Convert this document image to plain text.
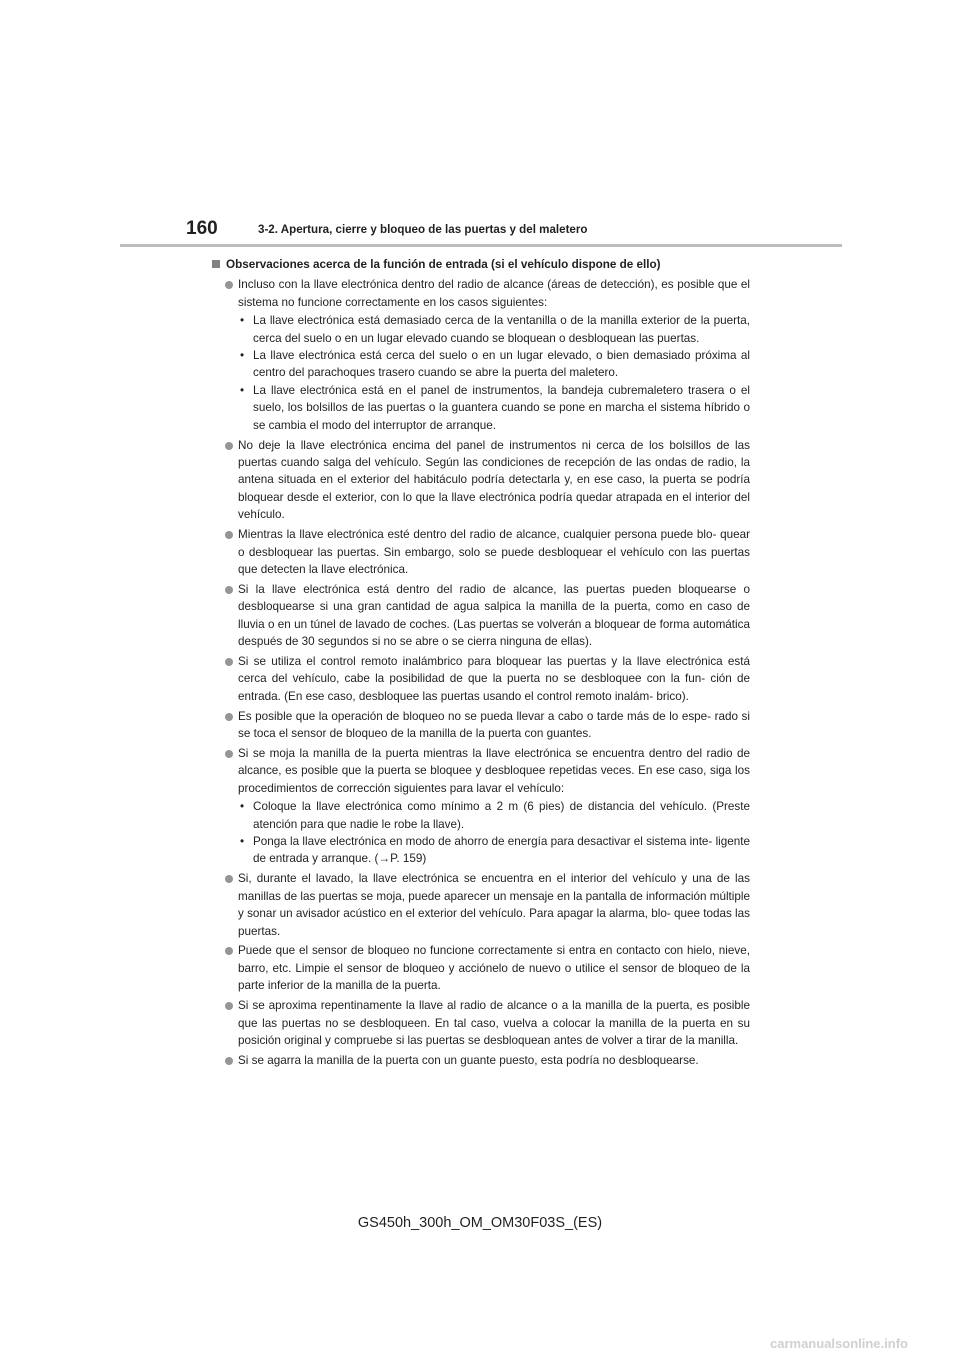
160	3-2. Apertura, cierre y bloqueo de las puertas y del maletero
Observaciones acerca de la función de entrada (si el vehículo dispone de ello)
Incluso con la llave electrónica dentro del radio de alcance (áreas de detección), es posible que el sistema no funcione correctamente en los casos siguientes:
• La llave electrónica está demasiado cerca de la ventanilla o de la manilla exterior de la puerta, cerca del suelo o en un lugar elevado cuando se bloquean o desbloquean las puertas.
• La llave electrónica está cerca del suelo o en un lugar elevado, o bien demasiado próxima al centro del parachoques trasero cuando se abre la puerta del maletero.
• La llave electrónica está en el panel de instrumentos, la bandeja cubremaletero trasera o el suelo, los bolsillos de las puertas o la guantera cuando se pone en marcha el sistema híbrido o se cambia el modo del interruptor de arranque.
No deje la llave electrónica encima del panel de instrumentos ni cerca de los bolsillos de las puertas cuando salga del vehículo. Según las condiciones de recepción de las ondas de radio, la antena situada en el exterior del habitáculo podría detectarla y, en ese caso, la puerta se podría bloquear desde el exterior, con lo que la llave electrónica podría quedar atrapada en el interior del vehículo.
Mientras la llave electrónica esté dentro del radio de alcance, cualquier persona puede blo- quear o desbloquear las puertas. Sin embargo, solo se puede desbloquear el vehículo con las puertas que detecten la llave electrónica.
Si la llave electrónica está dentro del radio de alcance, las puertas pueden bloquearse o desbloquearse si una gran cantidad de agua salpica la manilla de la puerta, como en caso de lluvia o en un túnel de lavado de coches. (Las puertas se volverán a bloquear de forma automática después de 30 segundos si no se abre o se cierra ninguna de ellas).
Si se utiliza el control remoto inalámbrico para bloquear las puertas y la llave electrónica está cerca del vehículo, cabe la posibilidad de que la puerta no se desbloquee con la fun- ción de entrada. (En ese caso, desbloquee las puertas usando el control remoto inalám- brico).
Es posible que la operación de bloqueo no se pueda llevar a cabo o tarde más de lo espe- rado si se toca el sensor de bloqueo de la manilla de la puerta con guantes.
Si se moja la manilla de la puerta mientras la llave electrónica se encuentra dentro del radio de alcance, es posible que la puerta se bloquee y desbloquee repetidas veces. En ese caso, siga los procedimientos de corrección siguientes para lavar el vehículo:
• Coloque la llave electrónica como mínimo a 2 m (6 pies) de distancia del vehículo. (Preste atención para que nadie le robe la llave).
• Ponga la llave electrónica en modo de ahorro de energía para desactivar el sistema inte- ligente de entrada y arranque. (→P. 159)
Si, durante el lavado, la llave electrónica se encuentra en el interior del vehículo y una de las manillas de las puertas se moja, puede aparecer un mensaje en la pantalla de información múltiple y sonar un avisador acústico en el exterior del vehículo. Para apagar la alarma, blo- quee todas las puertas.
Puede que el sensor de bloqueo no funcione correctamente si entra en contacto con hielo, nieve, barro, etc. Limpie el sensor de bloqueo y acciónelo de nuevo o utilice el sensor de bloqueo de la parte inferior de la manilla de la puerta.
Si se aproxima repentinamente la llave al radio de alcance o a la manilla de la puerta, es posible que las puertas no se desbloqueen. En tal caso, vuelva a colocar la manilla de la puerta en su posición original y compruebe si las puertas se desbloquean antes de volver a tirar de la manilla.
Si se agarra la manilla de la puerta con un guante puesto, esta podría no desbloquearse.
GS450h_300h_OM_OM30F03S_(ES)
carmanualsonline.info
